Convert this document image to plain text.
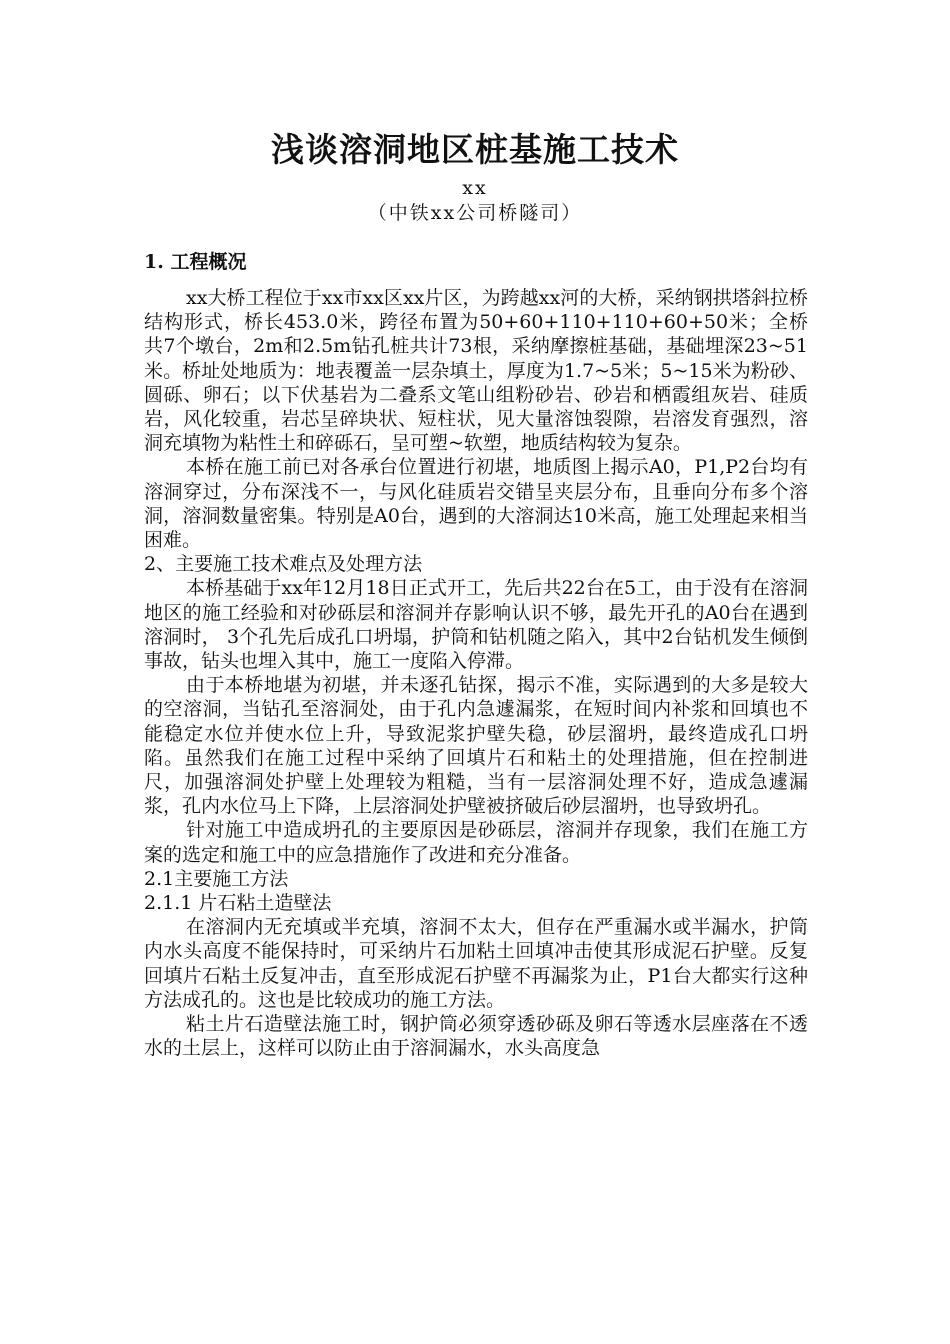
浅谈溶洞地区桩基施工技术
xx
（中铁xx公司桥隧司）

1. 工程概况

xx大桥工程位于xx市xx区xx片区，为跨越xx河的大桥，采纳钢拱塔斜拉桥结构形式，桥长453.0米，跨径布置为50+60+110+110+60+50米；全桥共7个墩台，2m和2.5m钻孔桩共计73根，采纳摩擦桩基础，基础埋深23~51米。桥址处地质为：地表覆盖一层杂填土，厚度为1.7~5米；5~15米为粉砂、圆砾、卵石；以下伏基岩为二叠系文笔山组粉砂岩、砂岩和栖霞组灰岩、硅质岩，风化较重，岩芯呈碎块状、短柱状，见大量溶蚀裂隙，岩溶发育强烈，溶洞充填物为粘性土和碎砾石，呈可塑~软塑，地质结构较为复杂。

本桥在施工前已对各承台位置进行初堪，地质图上揭示A0，P1,P2台均有溶洞穿过，分布深浅不一，与风化硅质岩交错呈夹层分布，且垂向分布多个溶洞，溶洞数量密集。特别是A0台，遇到的大溶洞达10米高，施工处理起来相当困难。

2、主要施工技术难点及处理方法

本桥基础于xx年12月18日正式开工，先后共22台在5工，由于没有在溶洞地区的施工经验和对砂砾层和溶洞并存影响认识不够，最先开孔的A0台在遇到溶洞时， 3个孔先后成孔口坍塌，护筒和钻机随之陷入，其中2台钻机发生倾倒事故，钻头也埋入其中，施工一度陷入停滞。

由于本桥地堪为初堪，并未逐孔钻探，揭示不准，实际遇到的大多是较大的空溶洞，当钻孔至溶洞处，由于孔内急遽漏浆，在短时间内补浆和回填也不能稳定水位并使水位上升，导致泥浆护壁失稳，砂层溜坍，最终造成孔口坍陷。虽然我们在施工过程中采纳了回填片石和粘土的处理措施，但在控制进尺，加强溶洞处护壁上处理较为粗糙，当有一层溶洞处理不好，造成急遽漏浆，孔内水位马上下降，上层溶洞处护壁被挤破后砂层溜坍，也导致坍孔。

针对施工中造成坍孔的主要原因是砂砾层，溶洞并存现象，我们在施工方案的选定和施工中的应急措施作了改进和充分准备。

2.1主要施工方法

2.1.1 片石粘土造壁法

在溶洞内无充填或半充填，溶洞不太大，但存在严重漏水或半漏水，护筒内水头高度不能保持时，可采纳片石加粘土回填冲击使其形成泥石护壁。反复回填片石粘土反复冲击，直至形成泥石护壁不再漏浆为止，P1台大都实行这种方法成孔的。这也是比较成功的施工方法。

粘土片石造壁法施工时，钢护筒必须穿透砂砾及卵石等透水层座落在不透水的土层上，这样可以防止由于溶洞漏水，水头高度急
